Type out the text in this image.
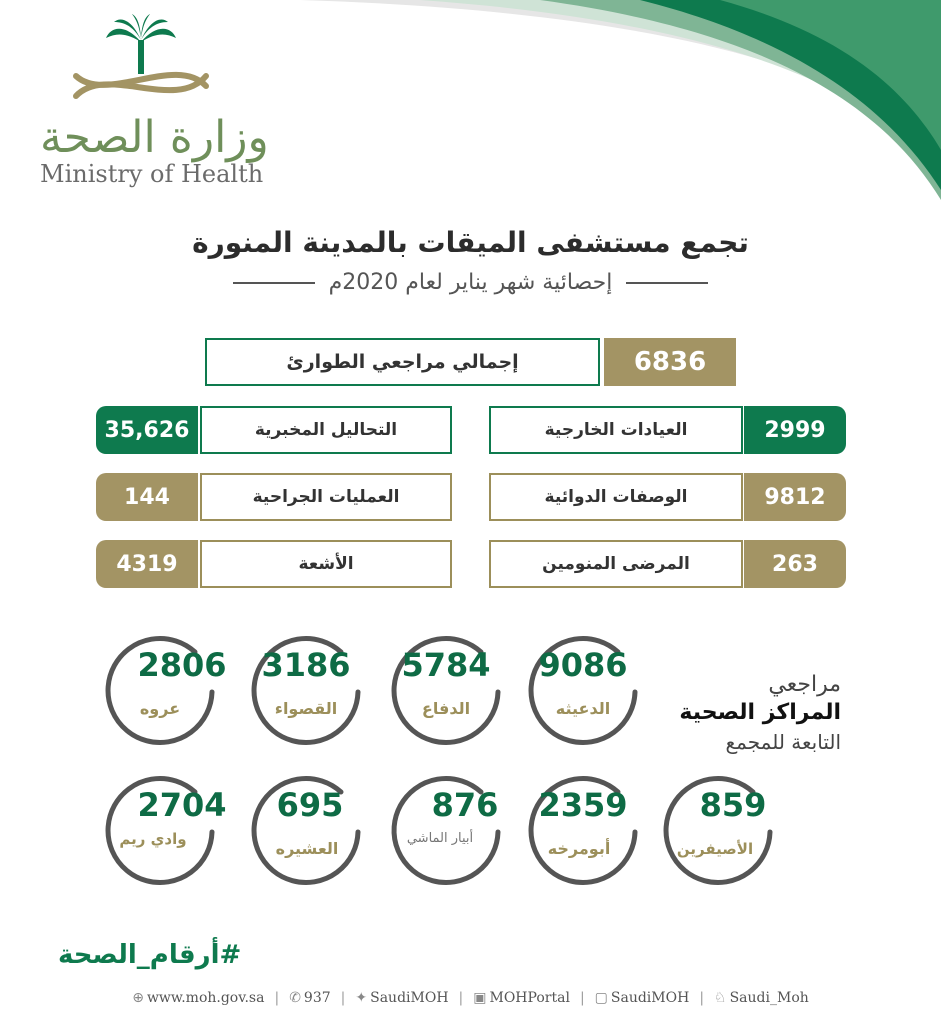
وزارة الصحة
Ministry of Health
تجمع مستشفى الميقات بالمدينة المنورة
إحصائية شهر يناير لعام 2020م
إجمالي مراجعي الطوارئ	6836
العيادات الخارجية	2999
الوصفات الدوائية	9812
المرضى المنومين	263
35,626	التحاليل المخبرية
144	العمليات الجراحية
4319	الأشعة
مراجعي
المراكز الصحية
التابعة للمجمع
9086
الدعيثه
5784
الدفاع
3186
القصواء
2806
عروه
859
الأصيفرين
2359
أبومرخه
876
أبيار الماشي
695
العشيره
2704
وادي ريم
#أرقام_الصحة
⊕ www.moh.gov.sa | ✆ 937 | ✦ SaudiMOH | ▣ MOHPortal | ▢ SaudiMOH | ♘ Saudi_Moh
